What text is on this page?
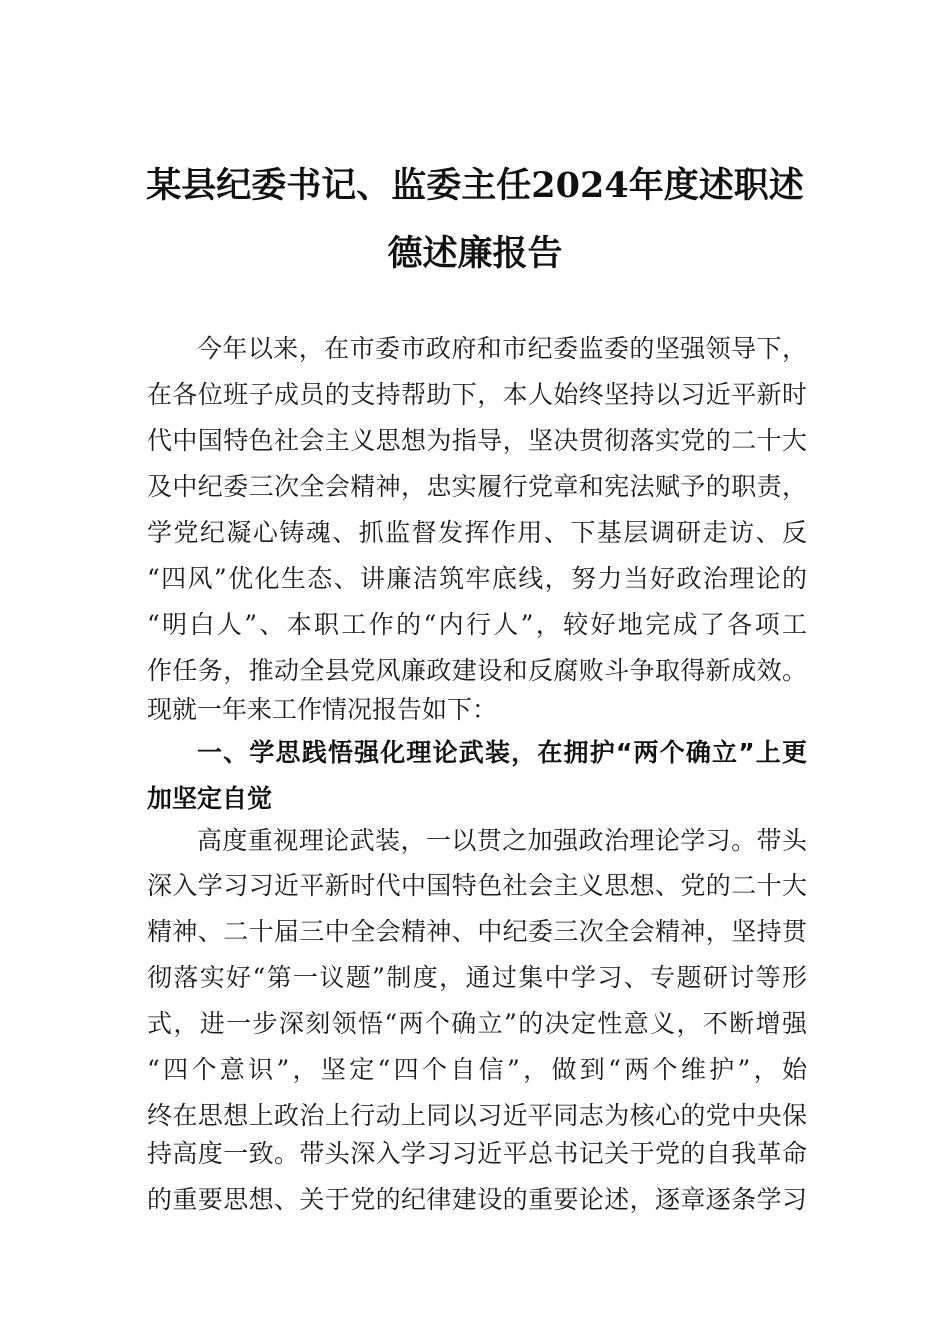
某县纪委书记、监委主任2024年度述职述
德述廉报告
今年以来，在市委市政府和市纪委监委的坚强领导下，
在各位班子成员的支持帮助下，本人始终坚持以习近平新时
代中国特色社会主义思想为指导，坚决贯彻落实党的二十大
及中纪委三次全会精神，忠实履行党章和宪法赋予的职责，
学党纪凝心铸魂、抓监督发挥作用、下基层调研走访、反
“四风”优化生态、讲廉洁筑牢底线，努力当好政治理论的
“明白人”、本职工作的“内行人”，较好地完成了各项工
作任务，推动全县党风廉政建设和反腐败斗争取得新成效。
现就一年来工作情况报告如下：
一、学思践悟强化理论武装，在拥护“两个确立”上更
加坚定自觉
高度重视理论武装，一以贯之加强政治理论学习。带头
深入学习习近平新时代中国特色社会主义思想、党的二十大
精神、二十届三中全会精神、中纪委三次全会精神，坚持贯
彻落实好“第一议题”制度，通过集中学习、专题研讨等形
式，进一步深刻领悟“两个确立”的决定性意义，不断增强
“四个意识”，坚定“四个自信”，做到“两个维护”，始
终在思想上政治上行动上同以习近平同志为核心的党中央保
持高度一致。带头深入学习习近平总书记关于党的自我革命
的重要思想、关于党的纪律建设的重要论述，逐章逐条学习
